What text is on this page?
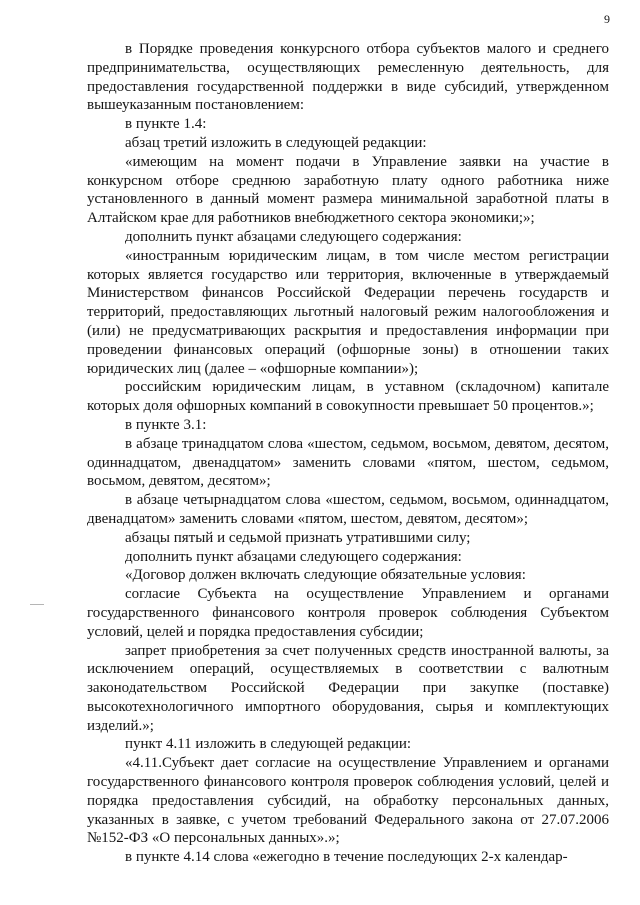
9

в Порядке проведения конкурсного отбора субъектов малого и среднего предпринимательства, осуществляющих ремесленную деятельность, для предоставления государственной поддержки в виде субсидий, утвержденном вышеуказанным постановлением:

в пункте 1.4:

абзац третий изложить в следующей редакции:

«имеющим на момент подачи в Управление заявки на участие в конкурсном отборе среднюю заработную плату одного работника ниже установленного в данный момент размера минимальной заработной платы в Алтайском крае для работников внебюджетного сектора экономики;»;

дополнить пункт абзацами следующего содержания:

«иностранным юридическим лицам, в том числе местом регистрации которых является государство или территория, включенные в утверждаемый Министерством финансов Российской Федерации перечень государств и территорий, предоставляющих льготный налоговый режим налогообложения и (или) не предусматривающих раскрытия и предоставления информации при проведении финансовых операций (офшорные зоны) в отношении таких юридических лиц (далее – «офшорные компании»);

российским юридическим лицам, в уставном (складочном) капитале которых доля офшорных компаний в совокупности превышает 50 процентов.»;

в пункте 3.1:

в абзаце тринадцатом слова «шестом, седьмом, восьмом, девятом, десятом, одиннадцатом, двенадцатом» заменить словами «пятом, шестом, седьмом, восьмом, девятом, десятом»;

в абзаце четырнадцатом слова «шестом, седьмом, восьмом, одиннадцатом, двенадцатом» заменить словами «пятом, шестом, девятом, десятом»;

абзацы пятый и седьмой признать утратившими силу;

дополнить пункт абзацами следующего содержания:

«Договор должен включать следующие обязательные условия:

согласие Субъекта на осуществление Управлением и органами государственного финансового контроля проверок соблюдения Субъектом условий, целей и порядка предоставления субсидии;

запрет приобретения за счет полученных средств иностранной валюты, за исключением операций, осуществляемых в соответствии с валютным законодательством Российской Федерации при закупке (поставке) высокотехнологичного импортного оборудования, сырья и комплектующих изделий.»;

пункт 4.11 изложить в следующей редакции:

«4.11.Субъект дает согласие на осуществление Управлением и органами государственного финансового контроля проверок соблюдения условий, целей и порядка предоставления субсидий, на обработку персональных данных, указанных в заявке, с учетом требований Федерального закона от 27.07.2006 №152-ФЗ «О персональных данных».»;

в пункте 4.14 слова «ежегодно в течение последующих 2-х календар-
